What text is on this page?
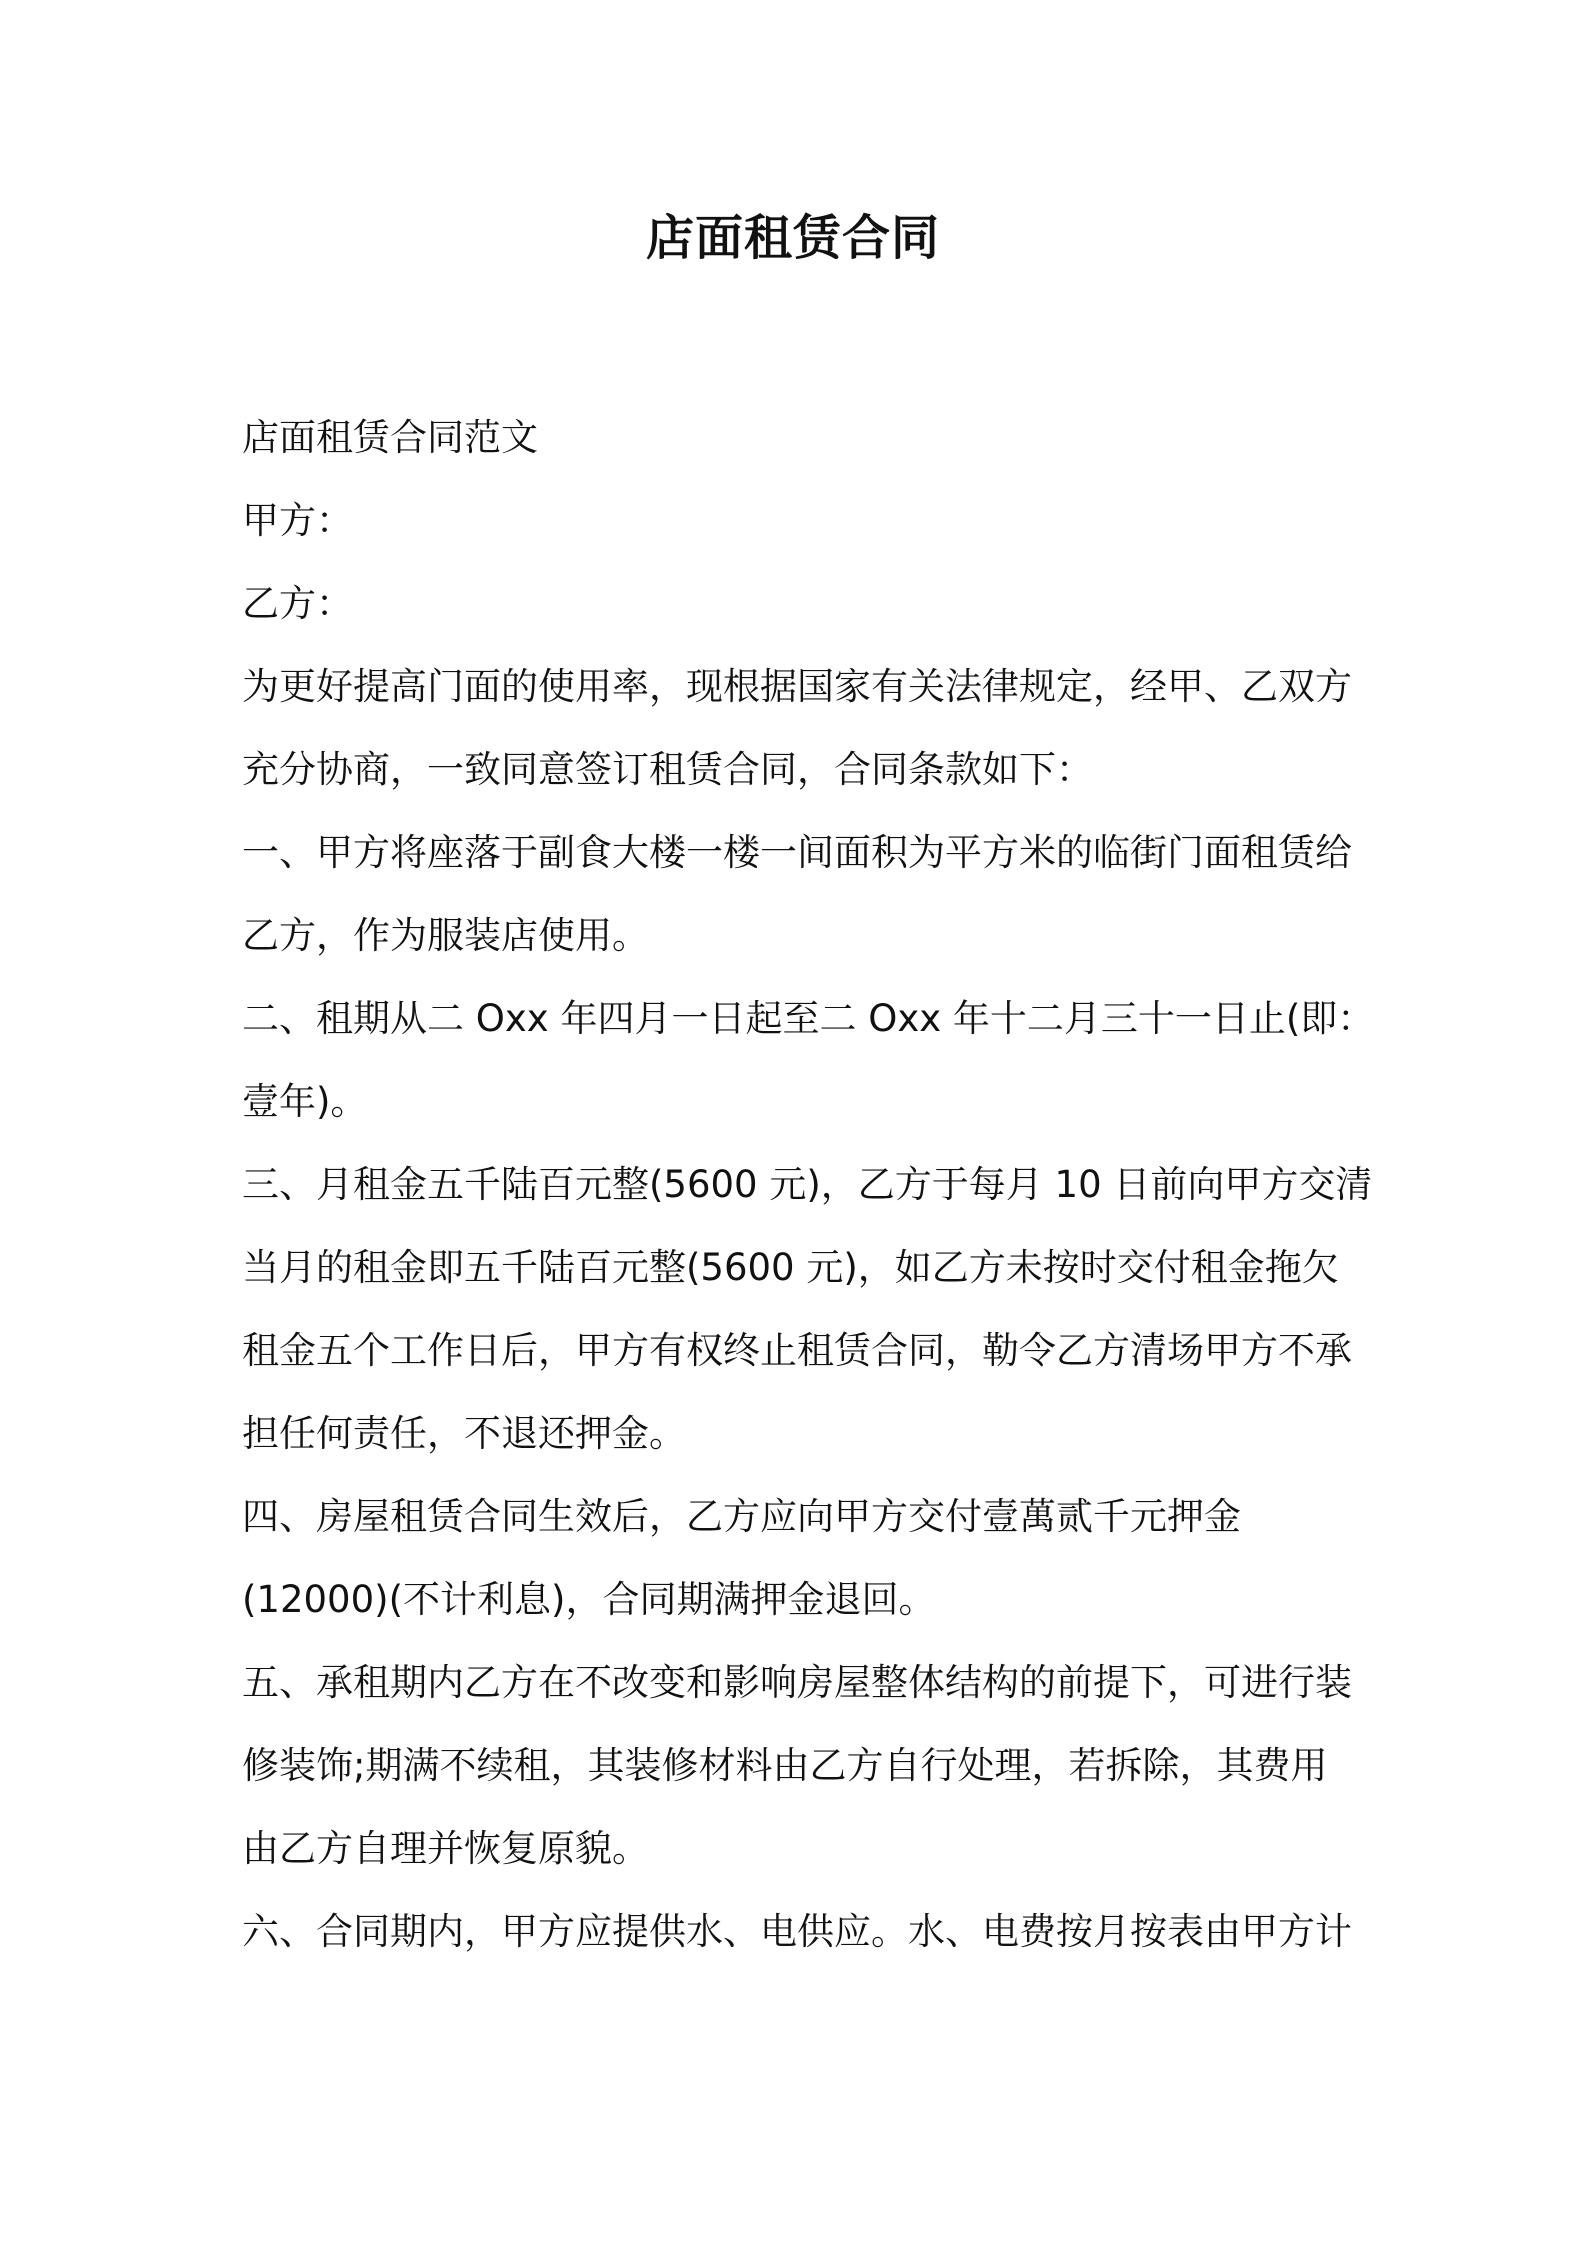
店面租赁合同
店面租赁合同范文
甲方：
乙方：
为更好提高门面的使用率，现根据国家有关法律规定，经甲、乙双方
充分协商，一致同意签订租赁合同，合同条款如下：
一、甲方将座落于副食大楼一楼一间面积为平方米的临街门面租赁给
乙方，作为服装店使用。
二、租期从二 Oxx 年四月一日起至二 Oxx 年十二月三十一日止(即：
壹年)。
三、月租金五千陆百元整(5600 元)，乙方于每月 10 日前向甲方交清
当月的租金即五千陆百元整(5600 元)，如乙方未按时交付租金拖欠
租金五个工作日后，甲方有权终止租赁合同，勒令乙方清场甲方不承
担任何责任，不退还押金。
四、房屋租赁合同生效后，乙方应向甲方交付壹萬贰千元押金
(12000)(不计利息)，合同期满押金退回。
五、承租期内乙方在不改变和影响房屋整体结构的前提下，可进行装
修装饰;期满不续租，其装修材料由乙方自行处理，若拆除，其费用
由乙方自理并恢复原貌。
六、合同期内，甲方应提供水、电供应。水、电费按月按表由甲方计
